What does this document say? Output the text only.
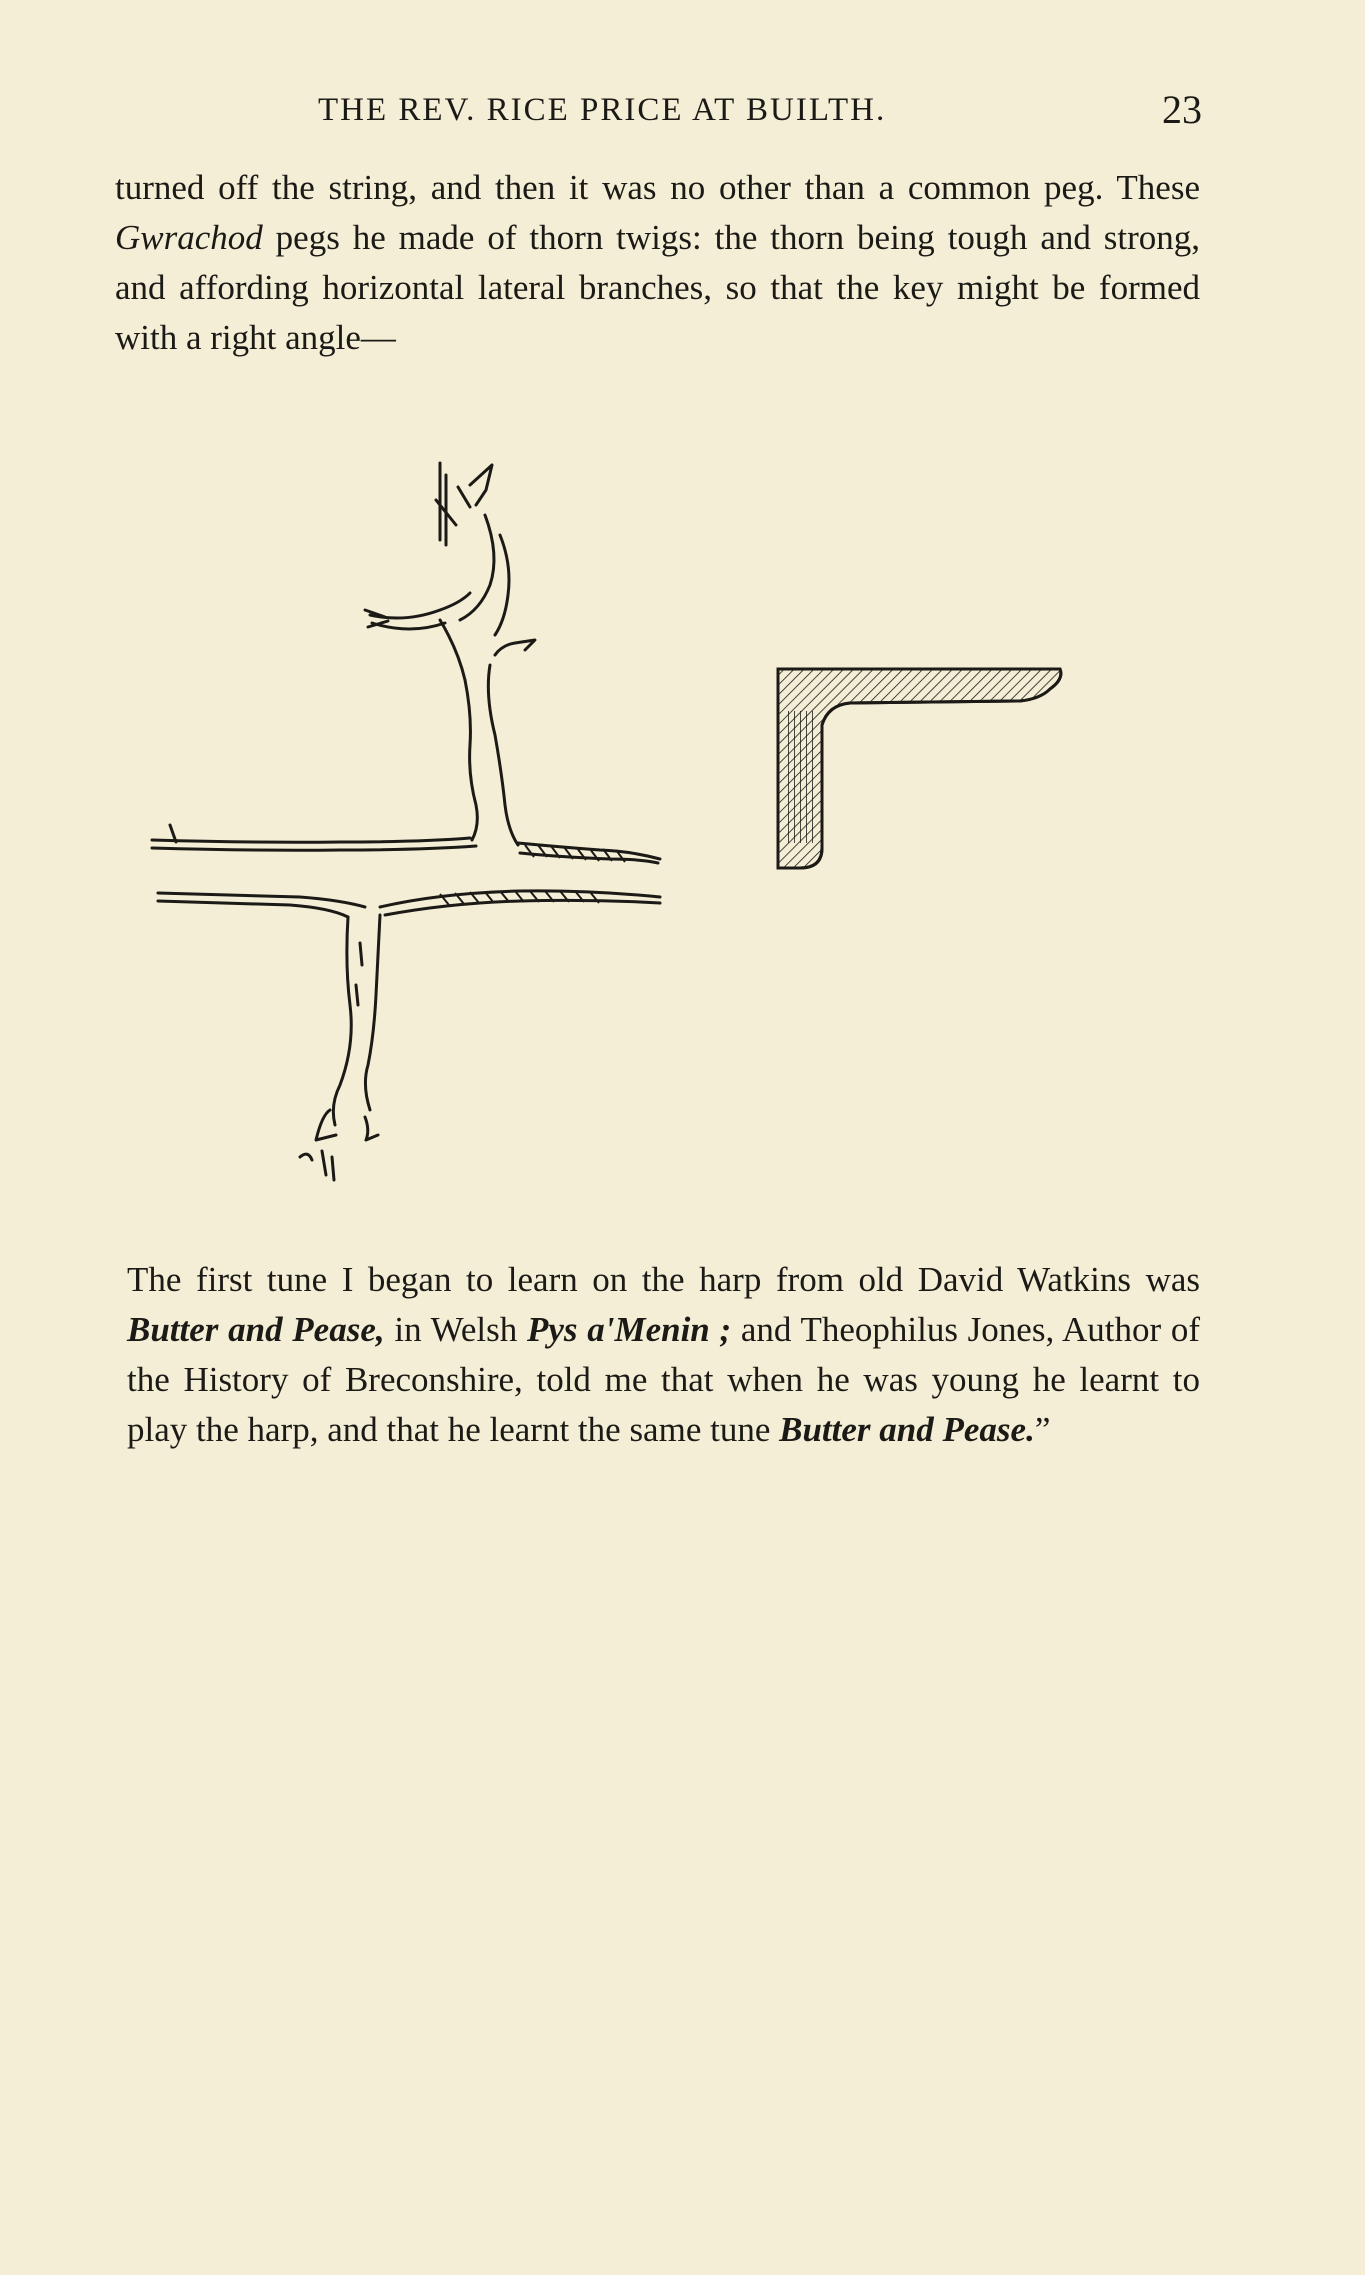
THE REV. RICE PRICE AT BUILTH.	23

turned off the string, and then it was no other than a common peg. These Gwrachod pegs he made of thorn twigs: the thorn being tough and strong, and affording horizontal lateral branches, so that the key might be formed with a right angle—

The first tune I began to learn on the harp from old David Watkins was Butter and Pease, in Welsh Pys a'Menin ; and Theophilus Jones, Author of the History of Breconshire, told me that when he was young he learnt to play the harp, and that he learnt the same tune Butter and Pease.”
